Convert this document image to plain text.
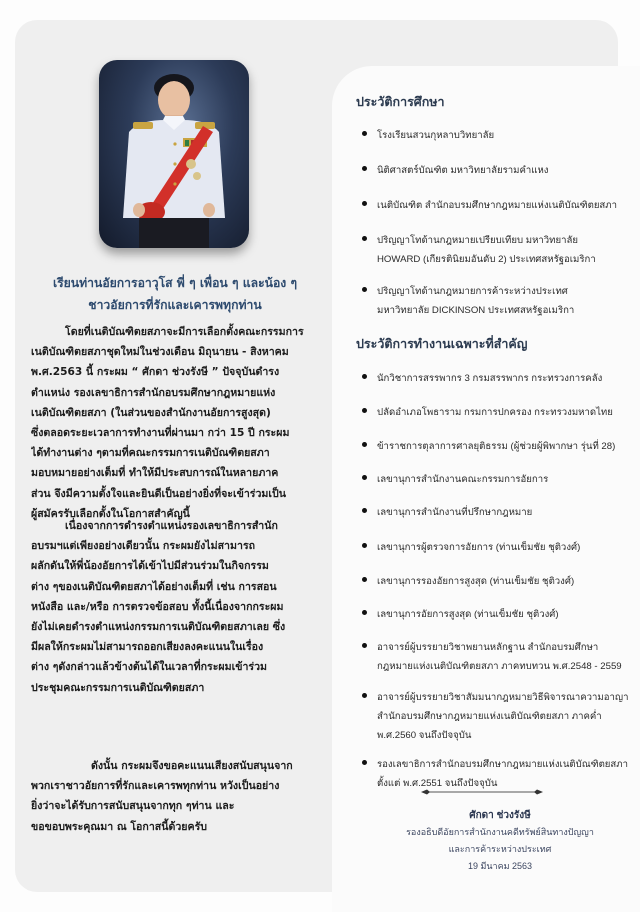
เรียนท่านอัยการอาวุโส พี่ ๆ เพื่อน ๆ และน้อง ๆ
ชาวอัยการที่รักและเคารพทุกท่าน
โดยที่เนติบัณฑิตยสภาจะมีการเลือกตั้งคณะกรรมการ
เนติบัณฑิตยสภาชุดใหม่ในช่วงเดือน มิถุนายน - สิงหาคม
พ.ศ.2563 นี้ กระผม “ ศักดา ช่วงรังษี ” ปัจจุบันดำรง
ตำแหน่ง รองเลขาธิการสำนักอบรมศึกษากฎหมายแห่ง
เนติบัณฑิตยสภา (ในส่วนของสำนักงานอัยการสูงสุด)
ซึ่งตลอดระยะเวลาการทำงานที่ผ่านมา กว่า 15 ปี กระผม
ได้ทำงานต่าง ๆตามที่คณะกรรมการเนติบัณฑิตยสภา
มอบหมายอย่างเต็มที่ ทำให้มีประสบการณ์ในหลายภาค
ส่วน จึงมีความตั้งใจและยินดีเป็นอย่างยิ่งที่จะเข้าร่วมเป็น
ผู้สมัครรับเลือกตั้งในโอกาสสำคัญนี้
เนื่องจากการดำรงตำแหน่งรองเลขาธิการสำนัก
อบรมฯแต่เพียงอย่างเดียวนั้น กระผมยังไม่สามารถ
ผลักดันให้พี่น้องอัยการได้เข้าไปมีส่วนร่วมในกิจกรรม
ต่าง ๆของเนติบัณฑิตยสภาได้อย่างเต็มที่ เช่น การสอน
หนังสือ และ/หรือ การตรวจข้อสอบ ทั้งนี้เนื่องจากกระผม
ยังไม่เคยดำรงตำแหน่งกรรมการเนติบัณฑิตยสภาเลย ซึ่ง
มีผลให้กระผมไม่สามารถออกเสียงลงคะแนนในเรื่อง
ต่าง ๆดังกล่าวแล้วข้างต้นได้ในเวลาที่กระผมเข้าร่วม
ประชุมคณะกรรมการเนติบัณฑิตยสภา
ดังนั้น กระผมจึงขอคะแนนเสียงสนับสนุนจาก
พวกเราชาวอัยการที่รักและเคารพทุกท่าน หวังเป็นอย่าง
ยิ่งว่าจะได้รับการสนับสนุนจากทุก ๆท่าน และ
ขอขอบพระคุณมา ณ โอกาสนี้ด้วยครับ
ประวัติการศึกษา
โรงเรียนสวนกุหลาบวิทยาลัย
นิติศาสตร์บัณฑิต มหาวิทยาลัยรามคำแหง
เนติบัณฑิต สำนักอบรมศึกษากฎหมายแห่งเนติบัณฑิตยสภา
ปริญญาโทด้านกฎหมายเปรียบเทียบ มหาวิทยาลัย
HOWARD (เกียรตินิยมอันดับ 2) ประเทศสหรัฐอเมริกา
ปริญญาโทด้านกฎหมายการค้าระหว่างประเทศ
มหาวิทยาลัย DICKINSON ประเทศสหรัฐอเมริกา
ประวัติการทำงานเฉพาะที่สำคัญ
นักวิชาการสรรพากร 3 กรมสรรพากร กระทรวงการคลัง
ปลัดอำเภอโพธาราม กรมการปกครอง กระทรวงมหาดไทย
ข้าราชการตุลาการศาลยุติธรรม (ผู้ช่วยผู้พิพากษา รุ่นที่ 28)
เลขานุการสำนักงานคณะกรรมการอัยการ
เลขานุการสำนักงานที่ปรึกษากฎหมาย
เลขานุการผู้ตรวจการอัยการ (ท่านเข็มชัย ชุติวงศ์)
เลขานุการรองอัยการสูงสุด (ท่านเข็มชัย ชุติวงศ์)
เลขานุการอัยการสูงสุด (ท่านเข็มชัย ชุติวงศ์)
อาจารย์ผู้บรรยายวิชาพยานหลักฐาน สำนักอบรมศึกษา
กฎหมายแห่งเนติบัณฑิตยสภา ภาคทบทวน พ.ศ.2548 - 2559
อาจารย์ผู้บรรยายวิชาสัมมนากฎหมายวิธีพิจารณาความอาญา
สำนักอบรมศึกษากฎหมายแห่งเนติบัณฑิตยสภา ภาคค่ำ
พ.ศ.2560 จนถึงปัจจุบัน
รองเลขาธิการสำนักอบรมศึกษากฎหมายแห่งเนติบัณฑิตยสภา
ตั้งแต่ พ.ศ.2551 จนถึงปัจจุบัน
ศักดา ช่วงรังษี
รองอธิบดีอัยการสำนักงานคดีทรัพย์สินทางปัญญา
และการค้าระหว่างประเทศ
19 มีนาคม 2563
